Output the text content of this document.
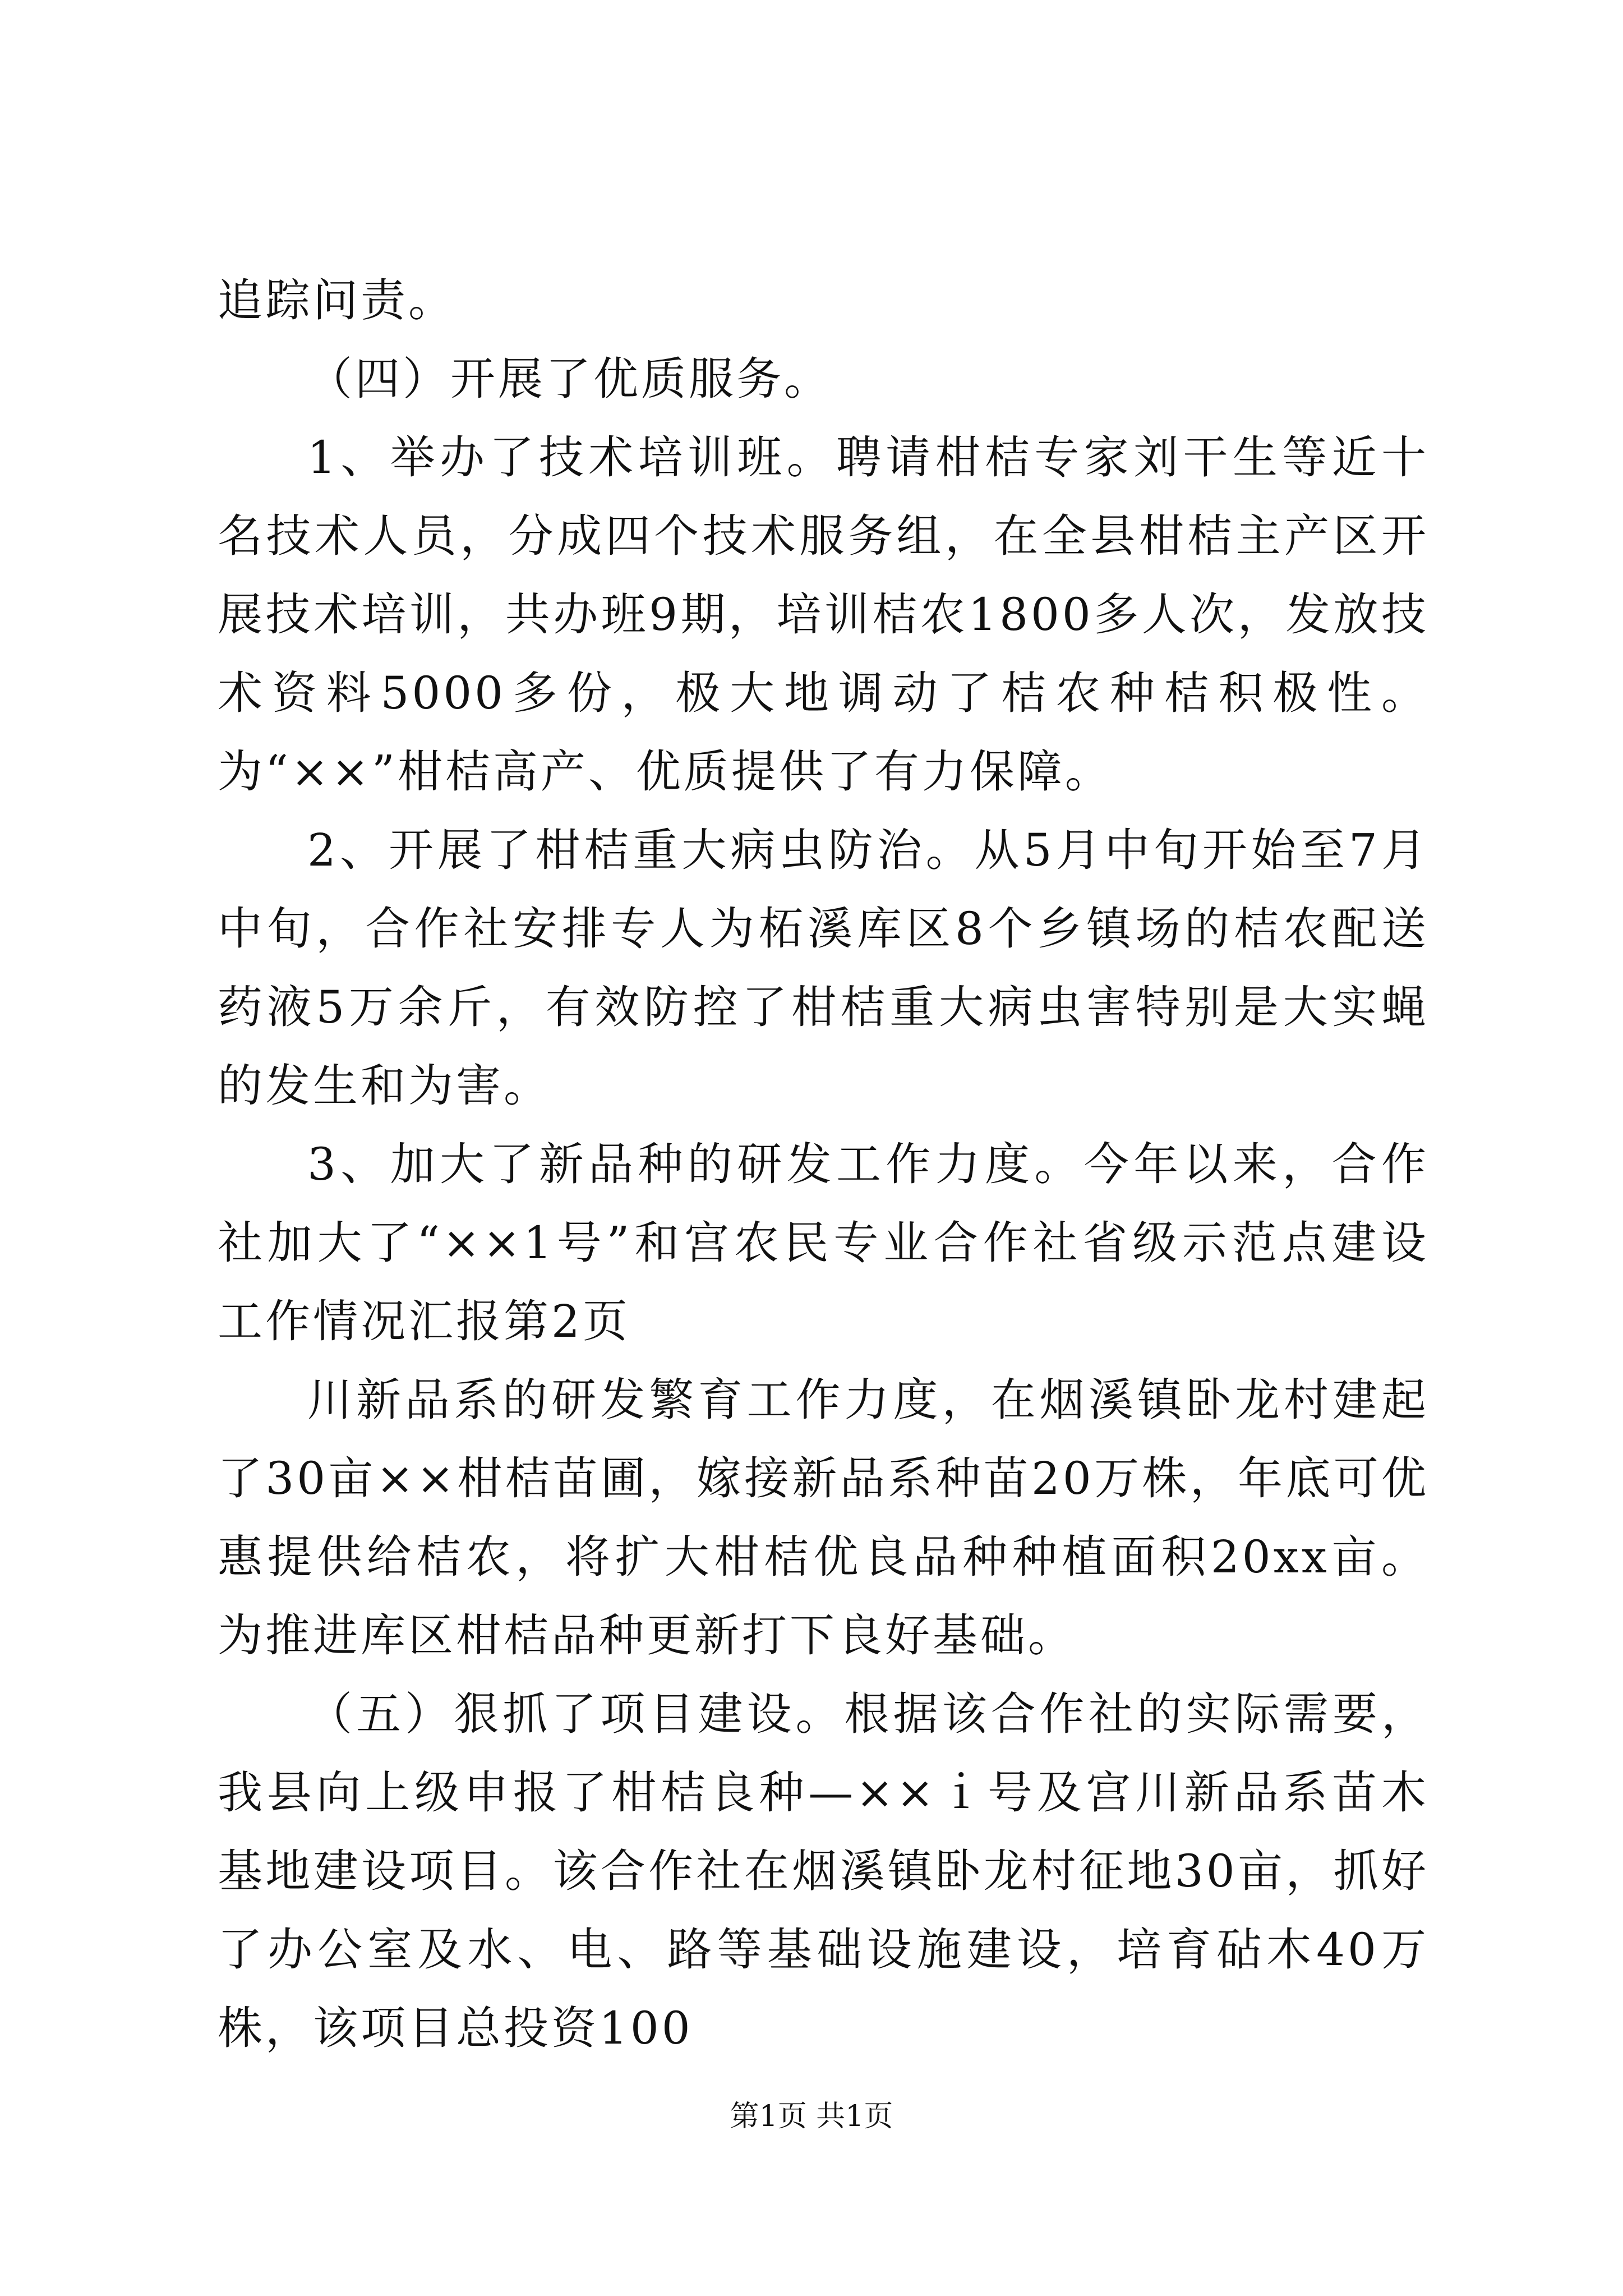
追踪问责。

（四）开展了优质服务。

1、举办了技术培训班。聘请柑桔专家刘干生等近十名技术人员，分成四个技术服务组，在全县柑桔主产区开展技术培训，共办班9期，培训桔农1800多人次，发放技术资料5000多份，极大地调动了桔农种桔积极性。为“××”柑桔高产、优质提供了有力保障。

2、开展了柑桔重大病虫防治。从5月中旬开始至7月中旬，合作社安排专人为柘溪库区8个乡镇场的桔农配送药液5万余斤，有效防控了柑桔重大病虫害特别是大实蝇的发生和为害。

3、加大了新品种的研发工作力度。今年以来，合作社加大了“××1号”和宫农民专业合作社省级示范点建设工作情况汇报第2页

川新品系的研发繁育工作力度，在烟溪镇卧龙村建起了30亩××柑桔苗圃，嫁接新品系种苗20万株，年底可优惠提供给桔农，将扩大柑桔优良品种种植面积20xx亩。为推进库区柑桔品种更新打下良好基础。

（五）狠抓了项目建设。根据该合作社的实际需要，我县向上级申报了柑桔良种—××ｉ号及宫川新品系苗木基地建设项目。该合作社在烟溪镇卧龙村征地30亩，抓好了办公室及水、电、路等基础设施建设，培育砧木40万株，该项目总投资100

第1页 共1页
